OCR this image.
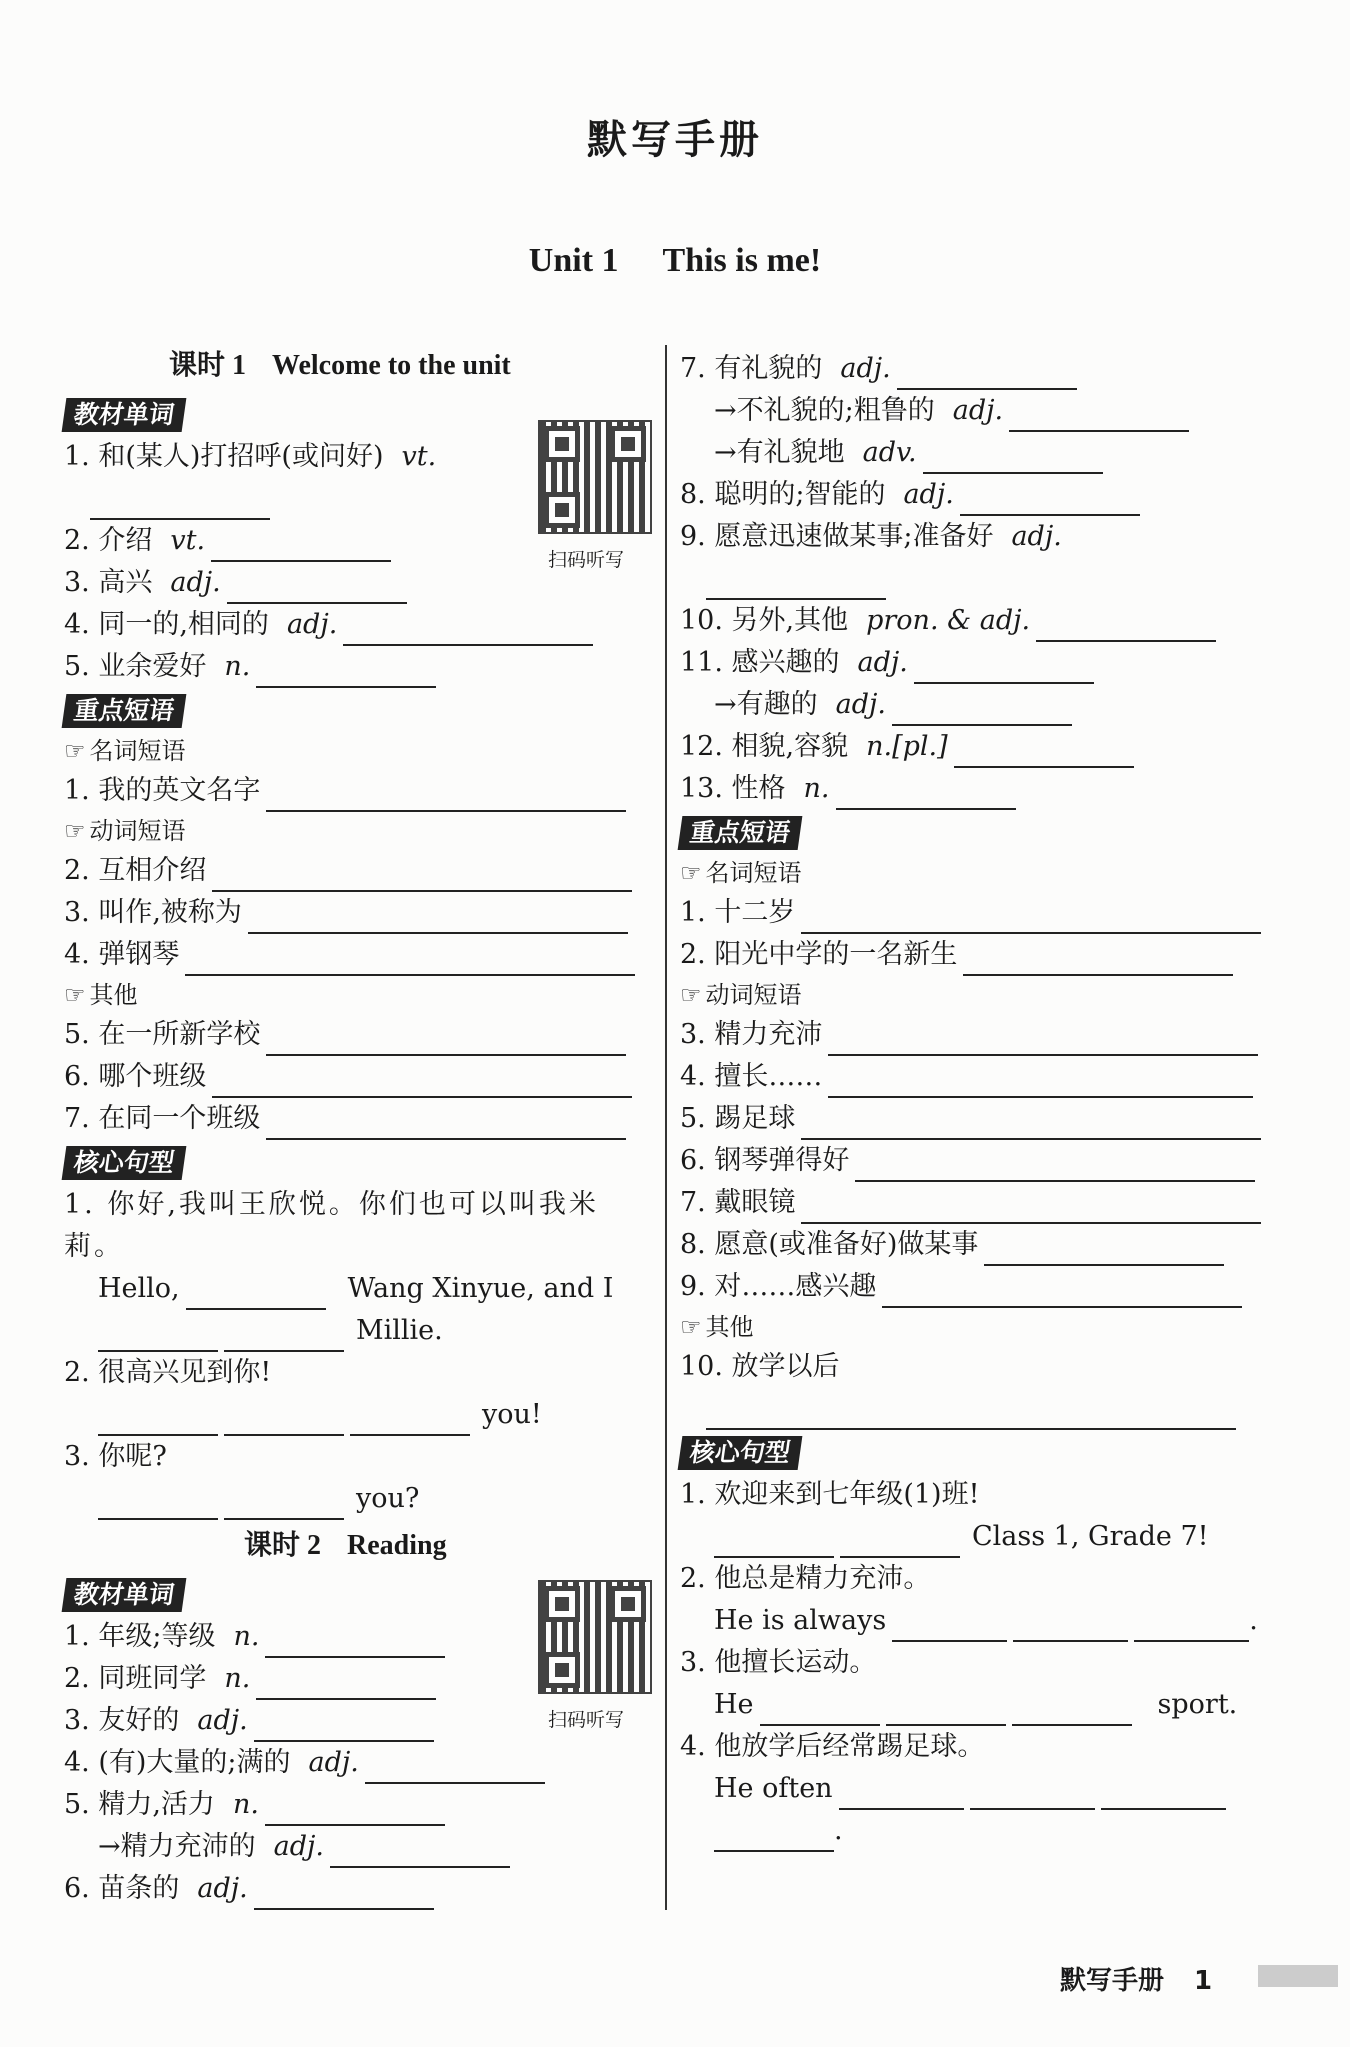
默写手册
Unit 1 This is me!
课时 1 Welcome to the unit
教材单词
1. 和(某人)打招呼(或问好) vt.
2. 介绍 vt.
3. 高兴 adj.
4. 同一的,相同的 adj.
5. 业余爱好 n.
重点短语
☞ 名词短语
1. 我的英文名字
☞ 动词短语
2. 互相介绍
3. 叫作,被称为
4. 弹钢琴
☞ 其他
5. 在一所新学校
6. 哪个班级
7. 在同一个班级
核心句型
1. 你好,我叫王欣悦。你们也可以叫我米莉。
Hello,	Wang Xinyue, and I
Millie.
2. 很高兴见到你!
you!
3. 你呢?
you?
课时 2 Reading
教材单词
1. 年级;等级 n.
2. 同班同学 n.
3. 友好的 adj.
4. (有)大量的;满的 adj.
5. 精力,活力 n.
→精力充沛的 adj.
6. 苗条的 adj.
扫码听写
扫码听写
7. 有礼貌的 adj.
→不礼貌的;粗鲁的 adj.
→有礼貌地 adv.
8. 聪明的;智能的 adj.
9. 愿意迅速做某事;准备好 adj.
10. 另外,其他 pron. & adj.
11. 感兴趣的 adj.
→有趣的 adj.
12. 相貌,容貌 n.[pl.]
13. 性格 n.
重点短语
☞ 名词短语
1. 十二岁
2. 阳光中学的一名新生
☞ 动词短语
3. 精力充沛
4. 擅长……
5. 踢足球
6. 钢琴弹得好
7. 戴眼镜
8. 愿意(或准备好)做某事
9. 对……感兴趣
☞ 其他
10. 放学以后
核心句型
1. 欢迎来到七年级(1)班!
Class 1, Grade 7!
2. 他总是精力充沛。
He is always	.
3. 他擅长运动。
He	sport.
4. 他放学后经常踢足球。
He often
.
默写手册 1
